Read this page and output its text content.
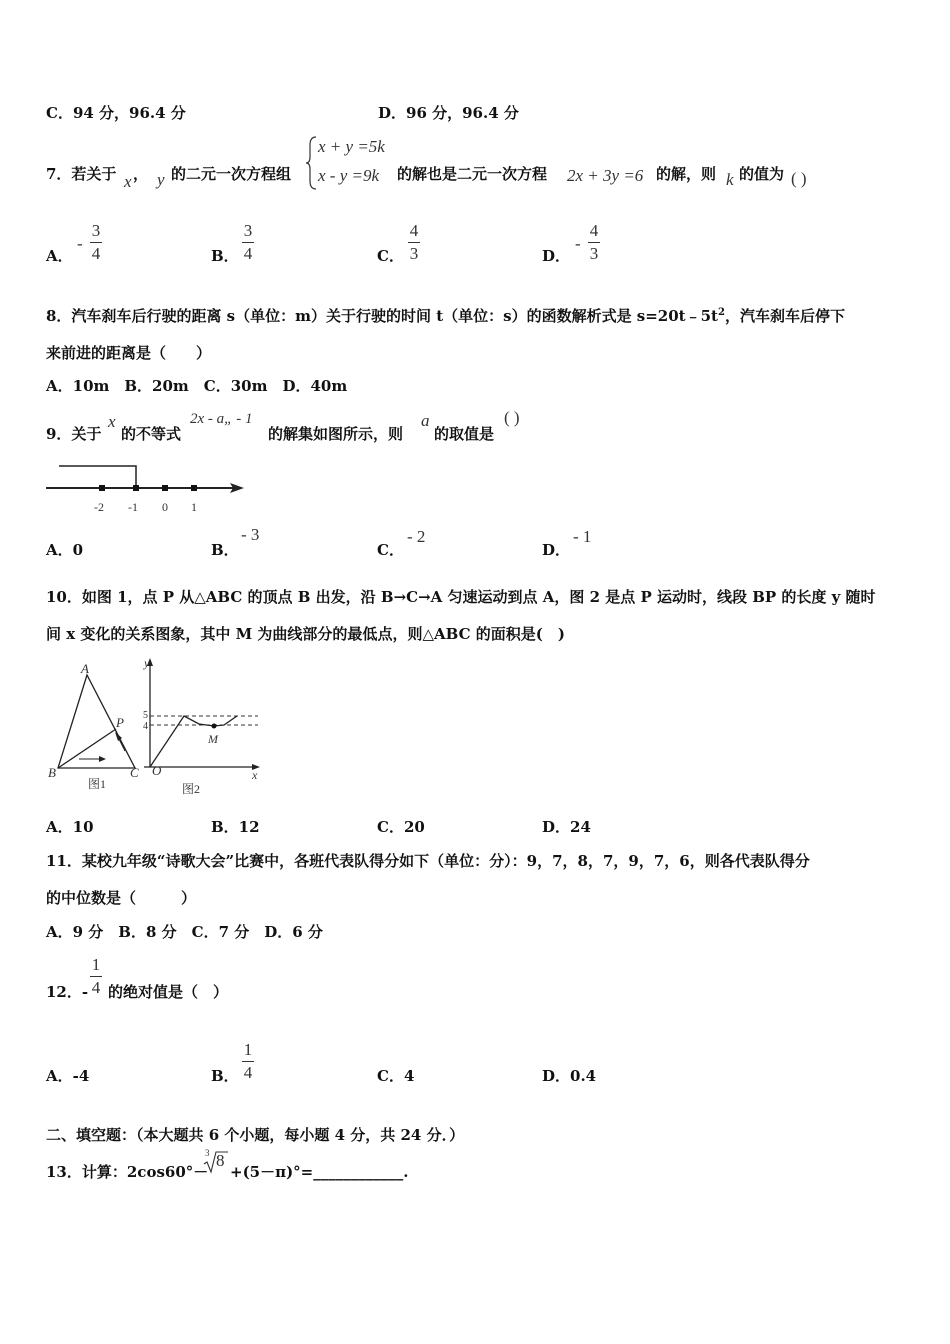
C．94 分，96.4 分	D．96 分，96.4 分
7．若关于 x ， y 的二元一次方程组
x + y =5k
x - y =9k 的解也是二元一次方程 2x + 3y =6 的解，则 k 的值为 ( )
A．
-
3
4	B．
3
4	C．
4
3	D．
-
4
3
8．汽车刹车后行驶的距离 s（单位：m）关于行驶的时间 t（单位：s）的函数解析式是 $s=20t﹣5t^2$，汽车刹车后停下
来前进的距离是（　　）
A．10m　B．20m　C．30m　D．40m
9．关于
x
的不等式
2x - a„ - 1
的解集如图所示，则
a
的取值是
( )
-2 -1 0 1
A．0	B．
- 3
C．
- 2
D．
- 1
10．如图 1，点 P 从△ABC 的顶点 B 出发，沿 B→C→A 匀速运动到点 A，图 2 是点 P 运动时，线段 BP 的长度 y 随时
间 x 变化的关系图象，其中 M 为曲线部分的最低点，则△ABC 的面积是(　)
A
B	C
P
图1
y
x
O
5
4
M
图2
A．10	B．12	C．20	D．24
11．某校九年级“诗歌大会”比赛中，各班代表队得分如下（单位：分）：9，7，8，7，9，7，6，则各代表队得分
的中位数是（　　　）
A．9 分　B．8 分　C．7 分　D．6 分
12．-
1
4 的绝对值是（　）
A．-4	B．
1
4	C．4	D．0.4
二、填空题：（本大题共 6 个小题，每小题 4 分，共 24 分．）
13．计算：2cos60°－
3 8
+(5－π)°=____________.
